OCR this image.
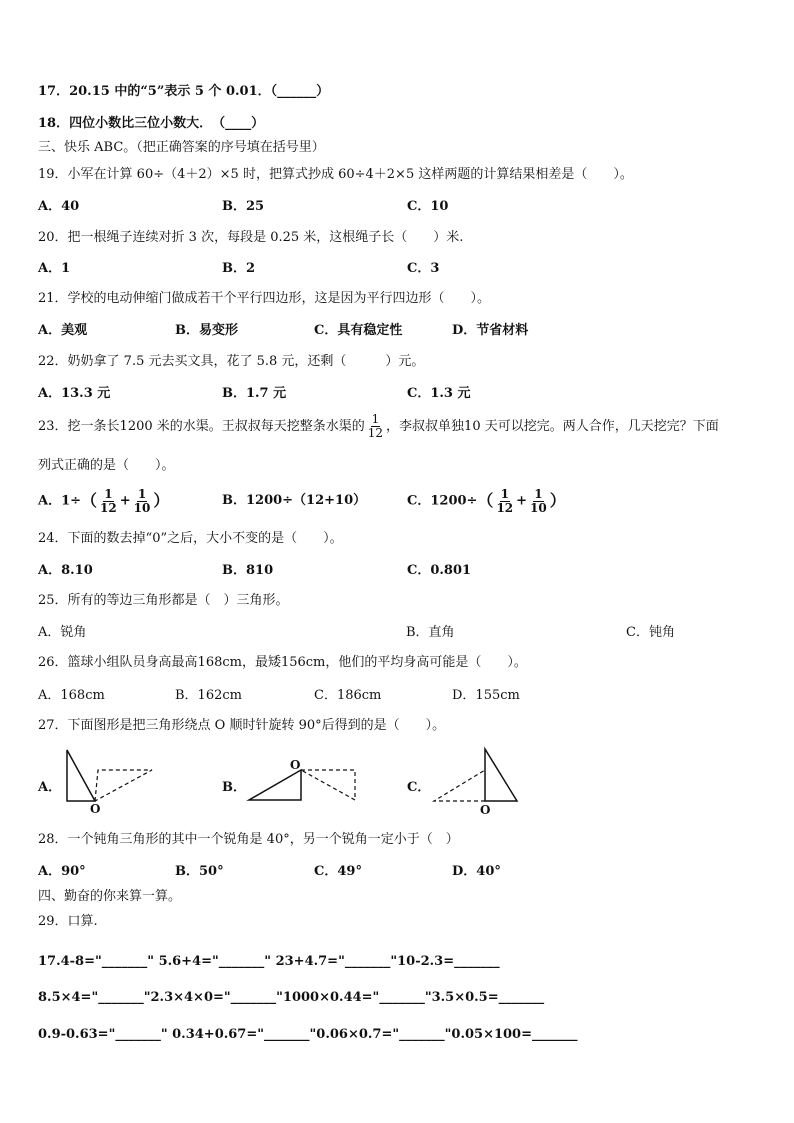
17．20.15 中的“5”表示 5 个 0.01．（______）
18．四位小数比三位小数大．　（____）
三、快乐 ABC。（把正确答案的序号填在括号里）
19．小军在计算 60÷（4＋2）×5 时，把算式抄成 60÷4＋2×5 这样两题的计算结果相差是（　　）。
A．40	B．25	C．10
20．把一根绳子连续对折 3 次，每段是 0.25 米，这根绳子长（　　）米.
A．1	B．2	C．3
21．学校的电动伸缩门做成若干个平行四边形，这是因为平行四边形（　　）。
A．美观	B．易变形	C．具有稳定性	D．节省材料
22．奶奶拿了 7.5 元去买文具，花了 5.8 元，还剩（　　　）元。
A．13.3 元	B．1.7 元	C．1.3 元
23．挖一条长1200 米的水渠。王叔叔每天挖整条水渠的 $\frac{1}{12}$ ，李叔叔单独10 天可以挖完。两人合作，几天挖完？下面
列式正确的是（　　）。
A．$1\div( \frac{1}{12} + \frac{1}{10}$ ）	B．1200÷（12+10）	C．$1200\div( \frac{1}{12} + \frac{1}{10}$ ）
24．下面的数去掉“0”之后，大小不变的是（　　）。
A．8.10	B．810	C．0.801
25．所有的等边三角形都是（　）三角形。
A．锐角	B．直角	C．钝角
26．篮球小组队员身高最高168cm，最矮156cm，他们的平均身高可能是（　　）。
A．168cm	B．162cm	C．186cm	D．155cm
27．下面图形是把三角形绕点 O 顺时针旋转 90°后得到的是（　　）。
A．
O
B．
O
C．
O
28．一个钝角三角形的其中一个锐角是 40°，另一个锐角一定小于（　）
A．90°	B．50°	C．49°	D．40°
四、勤奋的你来算一算。
29．口算.
17.4-8="_______" 5.6+4="_______" 23+4.7="_______"10-2.3=_______
8.5×4="_______"2.3×4×0="_______"1000×0.44="_______"3.5×0.5=_______
0.9-0.63="_______" 0.34+0.67="_______"0.06×0.7="_______"0.05×100=_______
